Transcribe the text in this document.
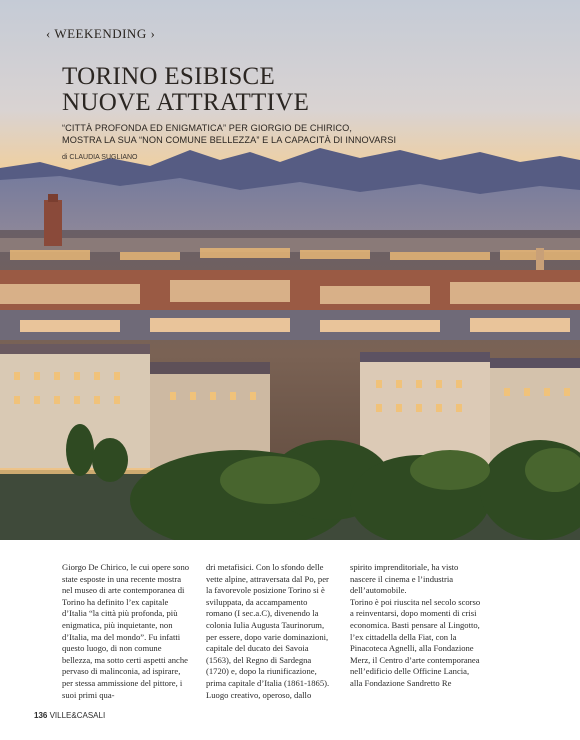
‹ WEEKENDING ›
TORINO ESIBISCE
NUOVE ATTRATTIVE
“CITTÀ PROFONDA ED ENIGMATICA” PER GIORGIO DE CHIRICO,
MOSTRA LA SUA “NON COMUNE BELLEZZA” E LA CAPACITÀ DI INNOVARSI
di CLAUDIA SUGLIANO

Giorgo De Chirico, le cui opere sono state esposte in una recente mostra nel museo di arte contemporanea di Torino ha definito l’ex capitale d’Italia “la città più profonda, più enigmatica, più inquietante, non d’Italia, ma del mondo”. Fu infatti questo luogo, di non comune bellezza, ma sotto certi aspetti anche pervaso di malinconia, ad ispirare, per stessa ammissione del pittore, i suoi primi qua-

dri metafisici. Con lo sfondo delle vette alpine, attraversata dal Po, per la favorevole posizione Torino si è sviluppata, da accampamento romano (I sec.a.C), divenendo la colonia Iulia Augusta Taurinorum, per essere, dopo varie dominazioni, capitale del ducato dei Savoia (1563), del Regno di Sardegna (1720) e, dopo la riunificazione, prima capitale d’Italia (1861-1865). Luogo creativo, operoso, dallo

spirito imprenditoriale, ha visto nascere il cinema e l’industria dell’automobile.

Torino è poi riuscita nel secolo scorso a reinventarsi, dopo momenti di crisi economica. Basti pensare al Lingotto, l’ex cittadella della Fiat, con la Pinacoteca Agnelli, alla Fondazione Merz, il Centro d’arte contemporanea nell’edificio delle Officine Lancia, alla Fondazione Sandretto Re

136 VILLE&CASALI
